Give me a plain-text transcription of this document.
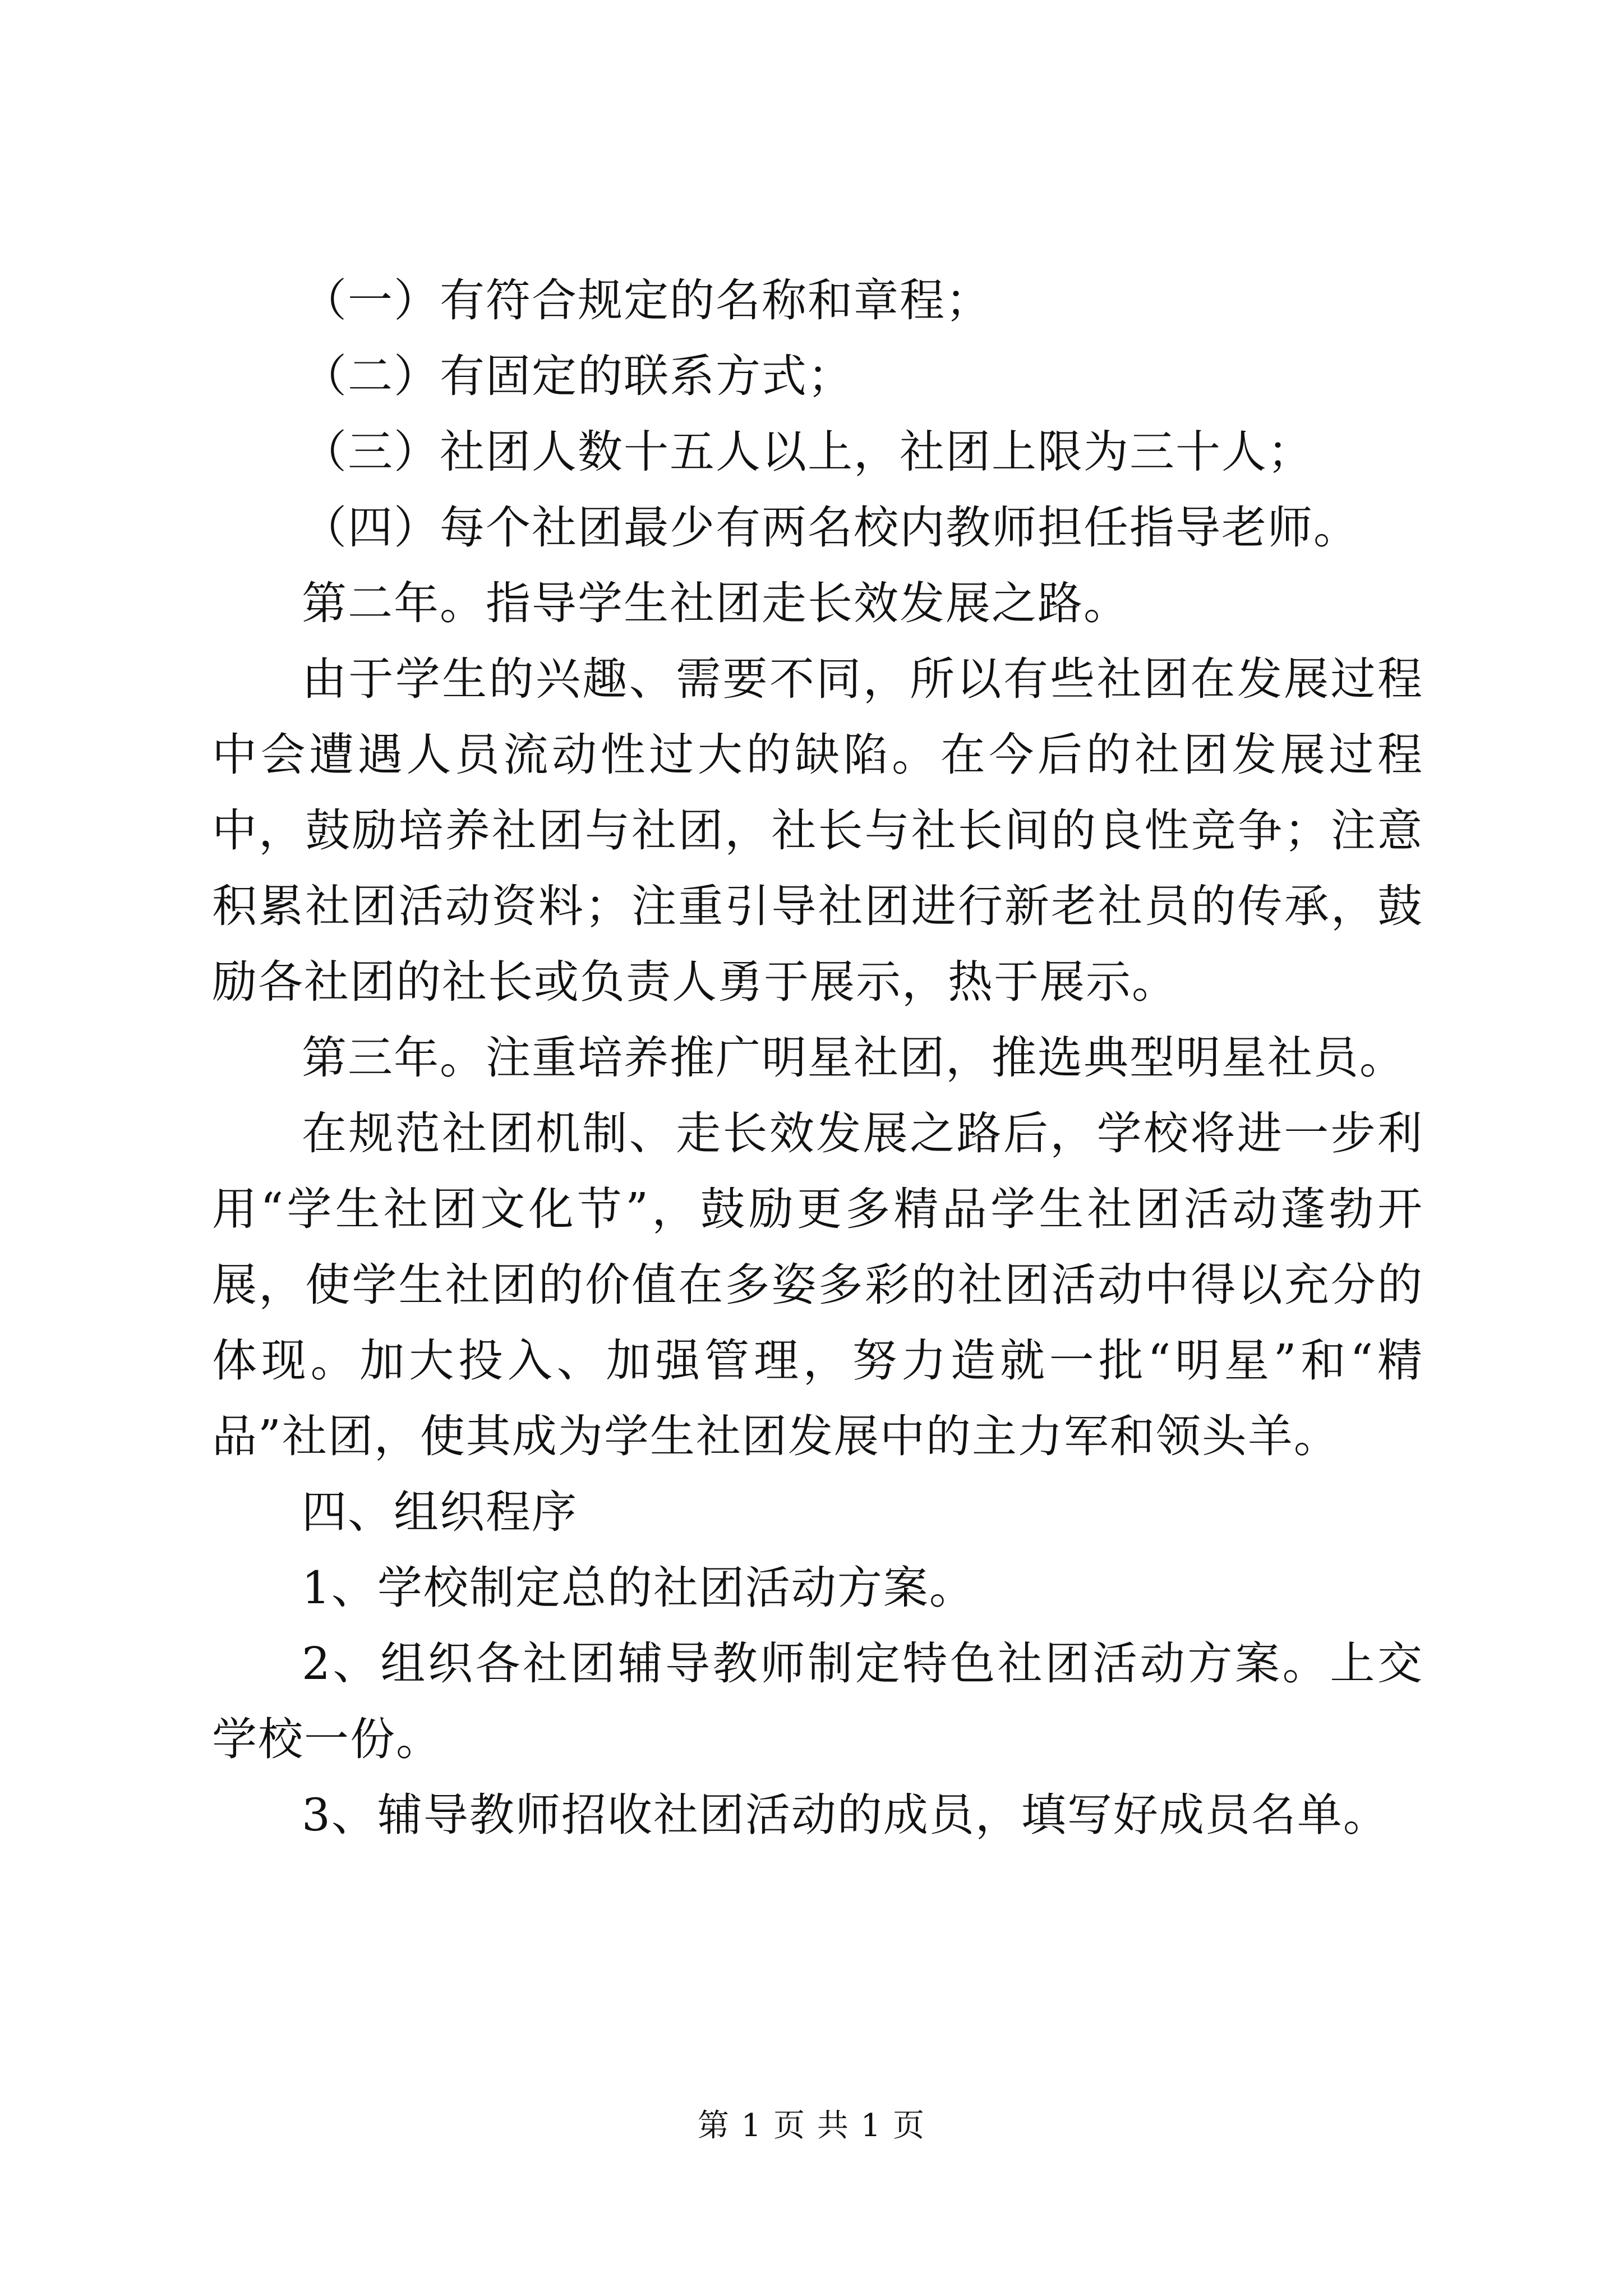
（一）有符合规定的名称和章程；

（二）有固定的联系方式；

（三）社团人数十五人以上，社团上限为三十人；

（四）每个社团最少有两名校内教师担任指导老师。

第二年。指导学生社团走长效发展之路。

由于学生的兴趣、需要不同，所以有些社团在发展过程中会遭遇人员流动性过大的缺陷。在今后的社团发展过程中，鼓励培养社团与社团，社长与社长间的良性竞争；注意积累社团活动资料；注重引导社团进行新老社员的传承，鼓励各社团的社长或负责人勇于展示，热于展示。

第三年。注重培养推广明星社团，推选典型明星社员。

在规范社团机制、走长效发展之路后，学校将进一步利用“学生社团文化节”，鼓励更多精品学生社团活动蓬勃开展，使学生社团的价值在多姿多彩的社团活动中得以充分的体现。加大投入、加强管理，努力造就一批“明星”和“精品”社团，使其成为学生社团发展中的主力军和领头羊。

四、组织程序

1、学校制定总的社团活动方案。

2、组织各社团辅导教师制定特色社团活动方案。上交学校一份。

3、辅导教师招收社团活动的成员，填写好成员名单。

第 1 页 共 1 页
